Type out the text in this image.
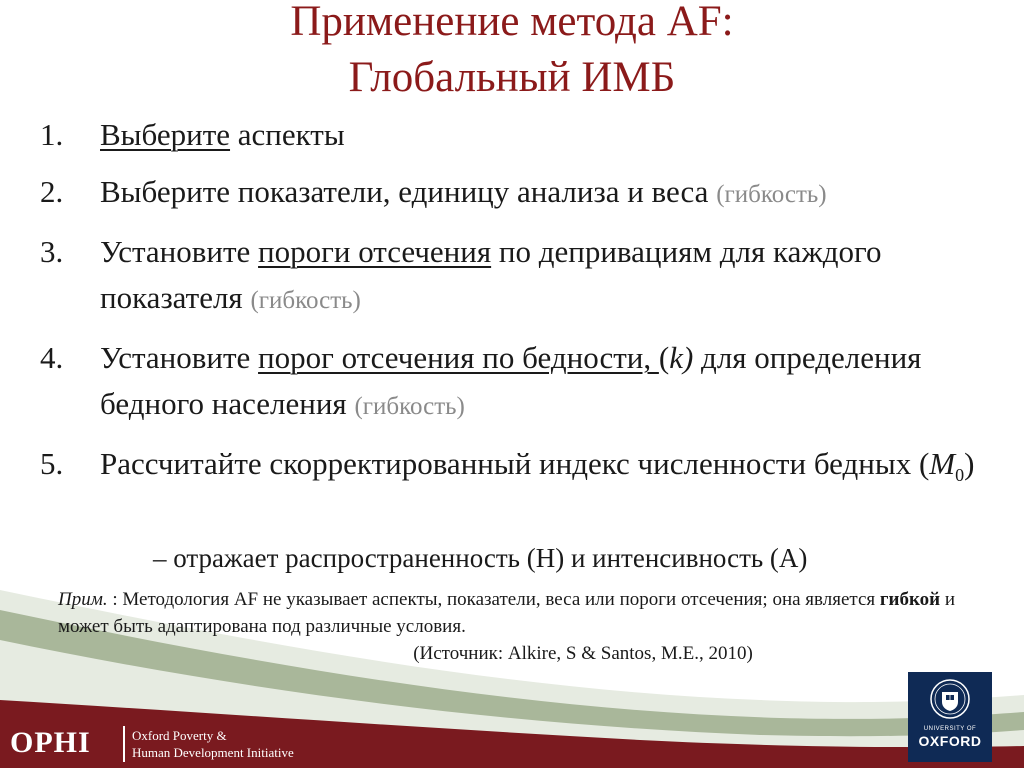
Применение метода AF:
Глобальный ИМБ
1. Выберите аспекты
2. Выберите показатели, единицу анализа и веса (гибкость)
3. Установите пороги отсечения по депривациям для каждого показателя (гибкость)
4. Установите порог отсечения по бедности, (k) для определения бедного населения (гибкость)
5. Рассчитайте скорректированный индекс численности бедных $(M_0)$
– отражает распространенность (H) и интенсивность (A)
Прим. : Методология AF не указывает аспекты, показатели, веса или пороги отсечения; она является гибкой и может быть адаптирована под различные условия.
(Источник: Alkire, S & Santos, M.E., 2010)
OPHI	Oxford Poverty &
Human Development Initiative
UNIVERSITY OF
OXFORD
